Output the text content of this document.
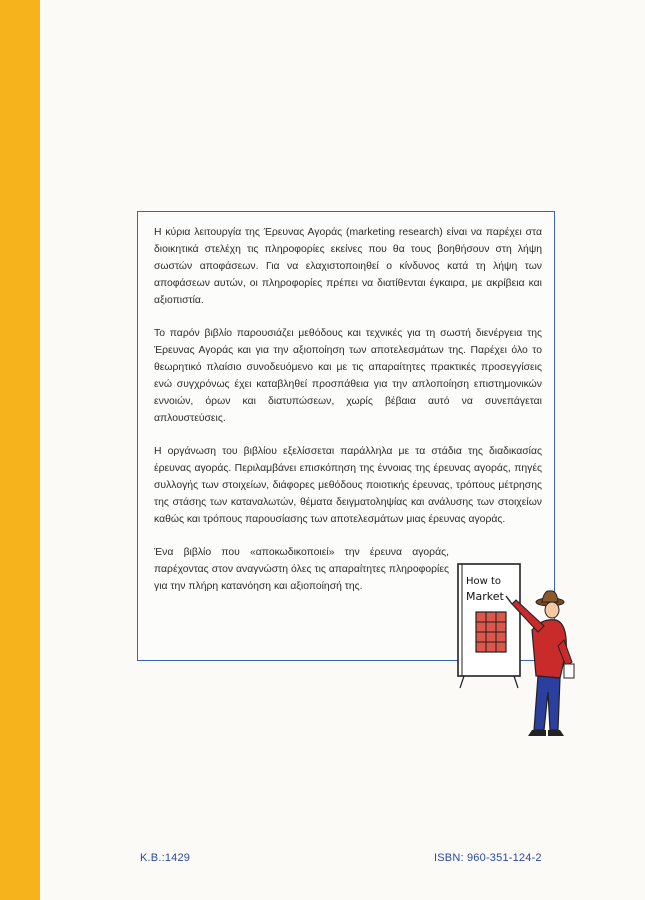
Η κύρια λειτουργία της Έρευνας Αγοράς (marketing research) είναι να παρέχει στα διοικητικά στελέχη τις πληροφορίες εκείνες που θα τους βοηθήσουν στη λήψη σωστών αποφάσεων. Για να ελαχιστοποιηθεί ο κίνδυνος κατά τη λήψη των αποφάσεων αυτών, οι πληροφορίες πρέπει να διατίθενται έγκαιρα, με ακρίβεια και αξιοπιστία.

Το παρόν βιβλίο παρουσιάζει μεθόδους και τεχνικές για τη σωστή διενέργεια της Έρευνας Αγοράς και για την αξιοποίηση των αποτελεσμάτων της. Παρέχει όλο το θεωρητικό πλαίσιο συνοδευόμενο και με τις απαραίτητες πρακτικές προσεγγίσεις ενώ συγχρόνως έχει καταβληθεί προσπάθεια για την απλοποίηση επιστημονικών εννοιών, όρων και διατυπώσεων, χωρίς βέβαια αυτό να συνεπάγεται απλουστεύσεις.

Η οργάνωση του βιβλίου εξελίσσεται παράλληλα με τα στάδια της διαδικασίας έρευνας αγοράς. Περιλαμβάνει επισκόπηση της έννοιας της έρευνας αγοράς, πηγές συλλογής των στοιχείων, διάφορες μεθόδους ποιοτικής έρευνας, τρόπους μέτρησης της στάσης των καταναλωτών, θέματα δειγματοληψίας και ανάλυσης των στοιχείων καθώς και τρόπους παρουσίασης των αποτελεσμάτων μιας έρευνας αγοράς.

Ένα βιβλίο που «αποκωδικοποιεί» την έρευνα αγοράς, παρέχοντας στον αναγνώστη όλες τις απαραίτητες πληροφορίες για την πλήρη κατανόηση και αξιοποίησή της.	How to
Market
Κ.Β.:1429	ISBN: 960-351-124-2
